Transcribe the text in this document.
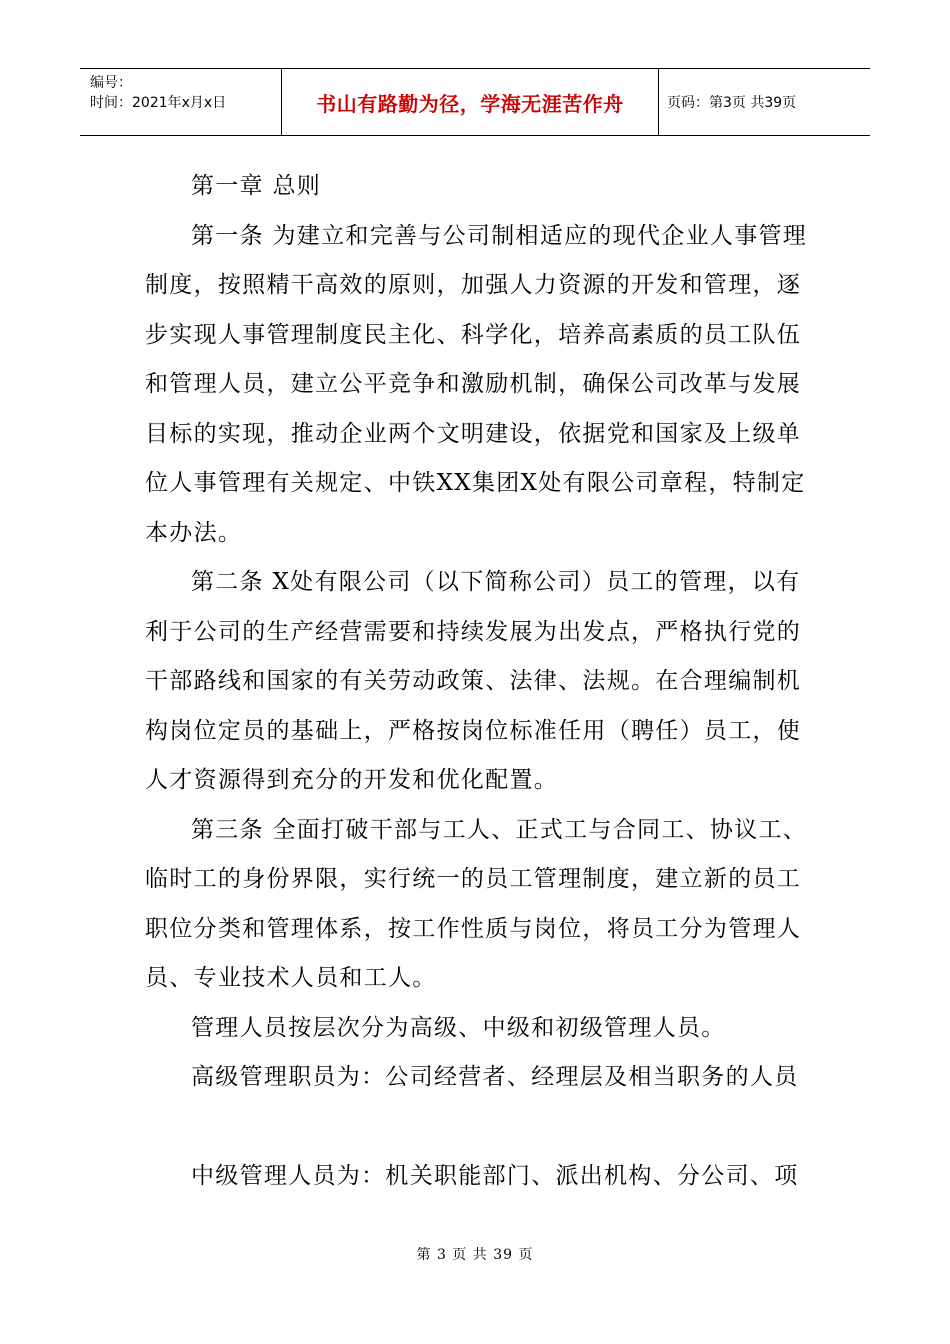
编号：
时间：2021年x月x日	书山有路勤为径，学海无涯苦作舟	页码：第3页 共39页

第一章 总则

第一条 为建立和完善与公司制相适应的现代企业人事管理制度，按照精干高效的原则，加强人力资源的开发和管理，逐步实现人事管理制度民主化、科学化，培养高素质的员工队伍和管理人员，建立公平竞争和激励机制，确保公司改革与发展目标的实现，推动企业两个文明建设，依据党和国家及上级单位人事管理有关规定、中铁XX集团X处有限公司章程，特制定本办法。

第二条 X处有限公司（以下简称公司）员工的管理，以有利于公司的生产经营需要和持续发展为出发点，严格执行党的干部路线和国家的有关劳动政策、法律、法规。在合理编制机构岗位定员的基础上，严格按岗位标准任用（聘任）员工，使人才资源得到充分的开发和优化配置。

第三条 全面打破干部与工人、正式工与合同工、协议工、临时工的身份界限，实行统一的员工管理制度，建立新的员工职位分类和管理体系，按工作性质与岗位，将员工分为管理人员、专业技术人员和工人。

管理人员按层次分为高级、中级和初级管理人员。

高级管理职员为：公司经营者、经理层及相当职务的人员

中级管理人员为：机关职能部门、派出机构、分公司、项

第 3 页 共 39 页
